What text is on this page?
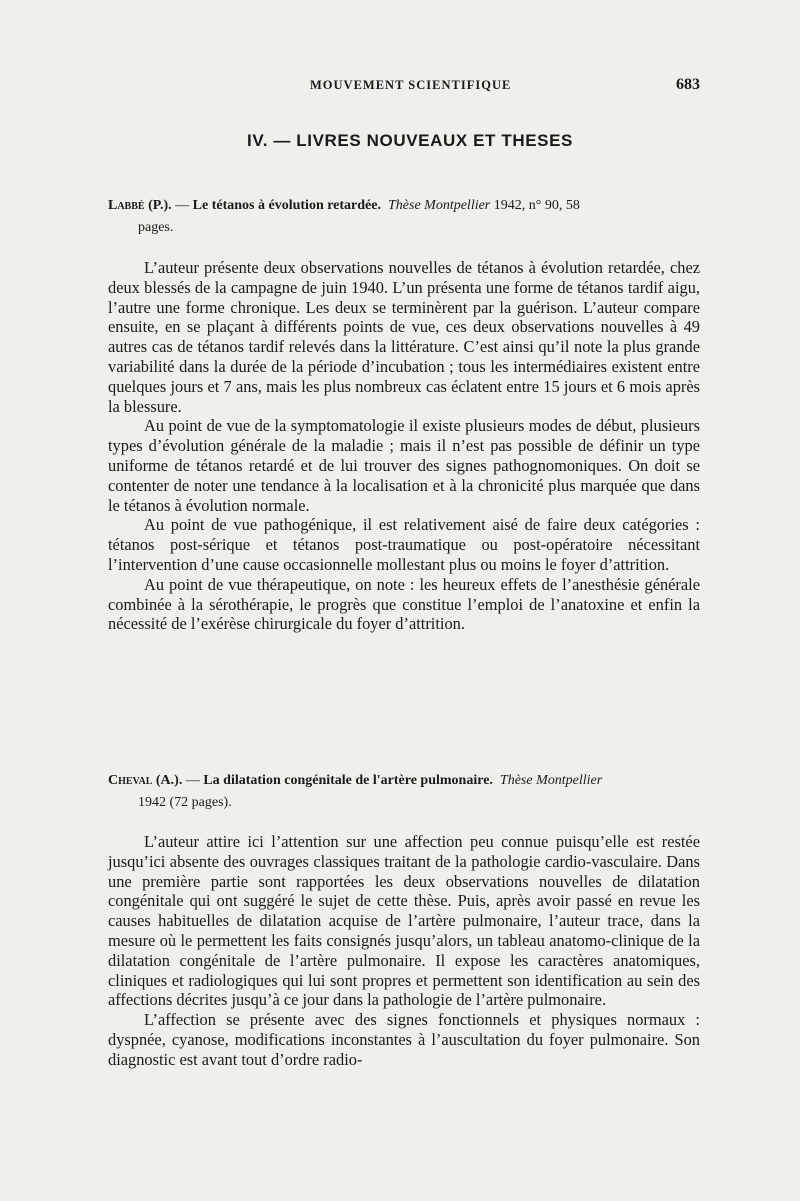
MOUVEMENT SCIENTIFIQUE	683
IV. — LIVRES NOUVEAUX ET THESES
Labbé (P.). — Le tétanos à évolution retardée. Thèse Montpellier 1942, n° 90, 58
pages.

L’auteur présente deux observations nouvelles de tétanos à évolution retardée, chez deux blessés de la campagne de juin 1940. L’un présenta une forme de tétanos tardif aigu, l’autre une forme chronique. Les deux se terminèrent par la guérison. L’auteur compare ensuite, en se plaçant à différents points de vue, ces deux observations nouvelles à 49 autres cas de tétanos tardif relevés dans la littérature. C’est ainsi qu’il note la plus grande variabilité dans la durée de la période d’incubation ; tous les intermédiaires existent entre quelques jours et 7 ans, mais les plus nombreux cas éclatent entre 15 jours et 6 mois après la blessure.

Au point de vue de la symptomatologie il existe plusieurs modes de début, plusieurs types d’évolution générale de la maladie ; mais il n’est pas possible de définir un type uniforme de tétanos retardé et de lui trouver des signes pathognomoniques. On doit se contenter de noter une tendance à la localisation et à la chronicité plus marquée que dans le tétanos à évolution normale.

Au point de vue pathogénique, il est relativement aisé de faire deux catégories : tétanos post-sérique et tétanos post-traumatique ou post-opératoire nécessitant l’intervention d’une cause occasionnelle mollestant plus ou moins le foyer d’attrition.

Au point de vue thérapeutique, on note : les heureux effets de l’anesthésie générale combinée à la sérothérapie, le progrès que constitue l’emploi de l’anatoxine et enfin la nécessité de l’exérèse chirurgicale du foyer d’attrition.

Cheval (A.). — La dilatation congénitale de l'artère pulmonaire. Thèse Montpellier
1942 (72 pages).

L’auteur attire ici l’attention sur une affection peu connue puisqu’elle est restée jusqu’ici absente des ouvrages classiques traitant de la pathologie cardio-vasculaire. Dans une première partie sont rapportées les deux observations nouvelles de dilatation congénitale qui ont suggéré le sujet de cette thèse. Puis, après avoir passé en revue les causes habituelles de dilatation acquise de l’artère pulmonaire, l’auteur trace, dans la mesure où le permettent les faits consignés jusqu’alors, un tableau anatomo-clinique de la dilatation congénitale de l’artère pulmonaire. Il expose les caractères anatomiques, cliniques et radiologiques qui lui sont propres et permettent son identification au sein des affections décrites jusqu’à ce jour dans la pathologie de l’artère pulmonaire.

L’affection se présente avec des signes fonctionnels et physiques normaux : dyspnée, cyanose, modifications inconstantes à l’auscultation du foyer pulmonaire. Son diagnostic est avant tout d’ordre radio-
